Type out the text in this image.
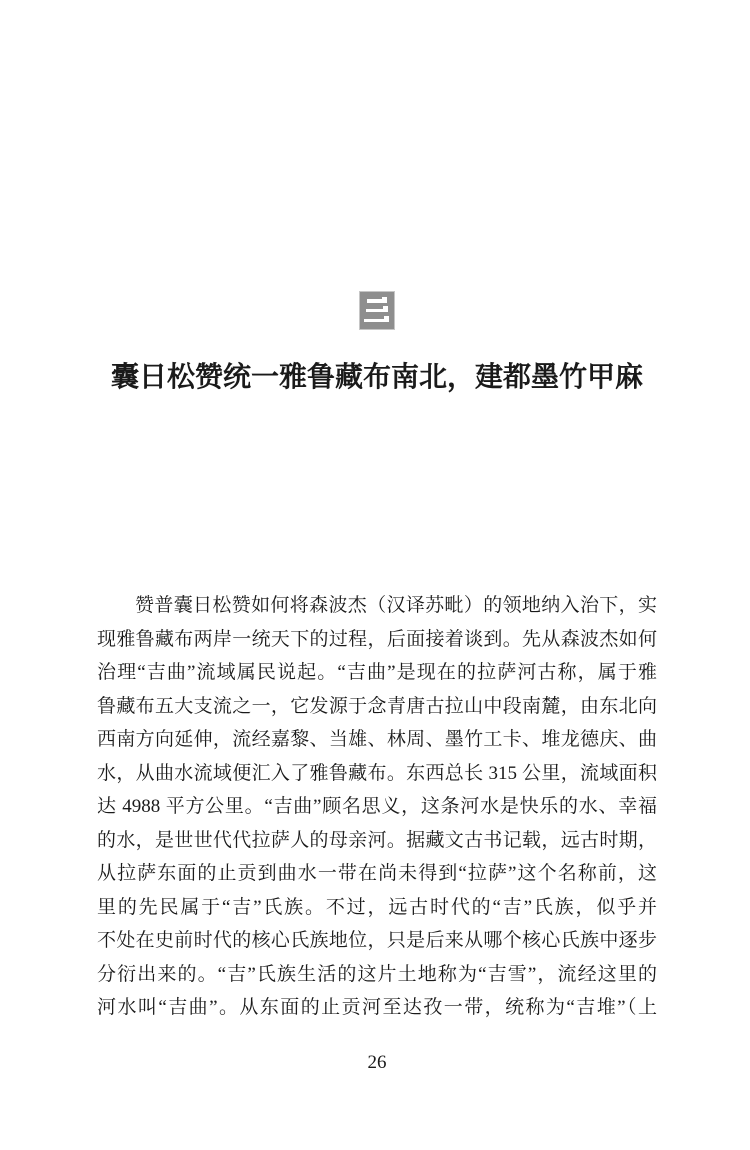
囊日松赞统一雅鲁藏布南北，建都墨竹甲麻
赞普囊日松赞如何将森波杰（汉译苏毗）的领地纳入治下，实
现雅鲁藏布两岸一统天下的过程，后面接着谈到。先从森波杰如何
治理“吉曲”流域属民说起。“吉曲”是现在的拉萨河古称，属于雅
鲁藏布五大支流之一，它发源于念青唐古拉山中段南麓，由东北向
西南方向延伸，流经嘉黎、当雄、林周、墨竹工卡、堆龙德庆、曲
水，从曲水流域便汇入了雅鲁藏布。东西总长 315 公里，流域面积
达 4988 平方公里。“吉曲”顾名思义，这条河水是快乐的水、幸福
的水，是世世代代拉萨人的母亲河。据藏文古书记载，远古时期，
从拉萨东面的止贡到曲水一带在尚未得到“拉萨”这个名称前，这
里的先民属于“吉”氏族。不过，远古时代的“吉”氏族，似乎并
不处在史前时代的核心氏族地位，只是后来从哪个核心氏族中逐步
分衍出来的。“吉”氏族生活的这片土地称为“吉雪”，流经这里的
河水叫“吉曲”。从东面的止贡河至达孜一带，统称为“吉堆”（上
26
